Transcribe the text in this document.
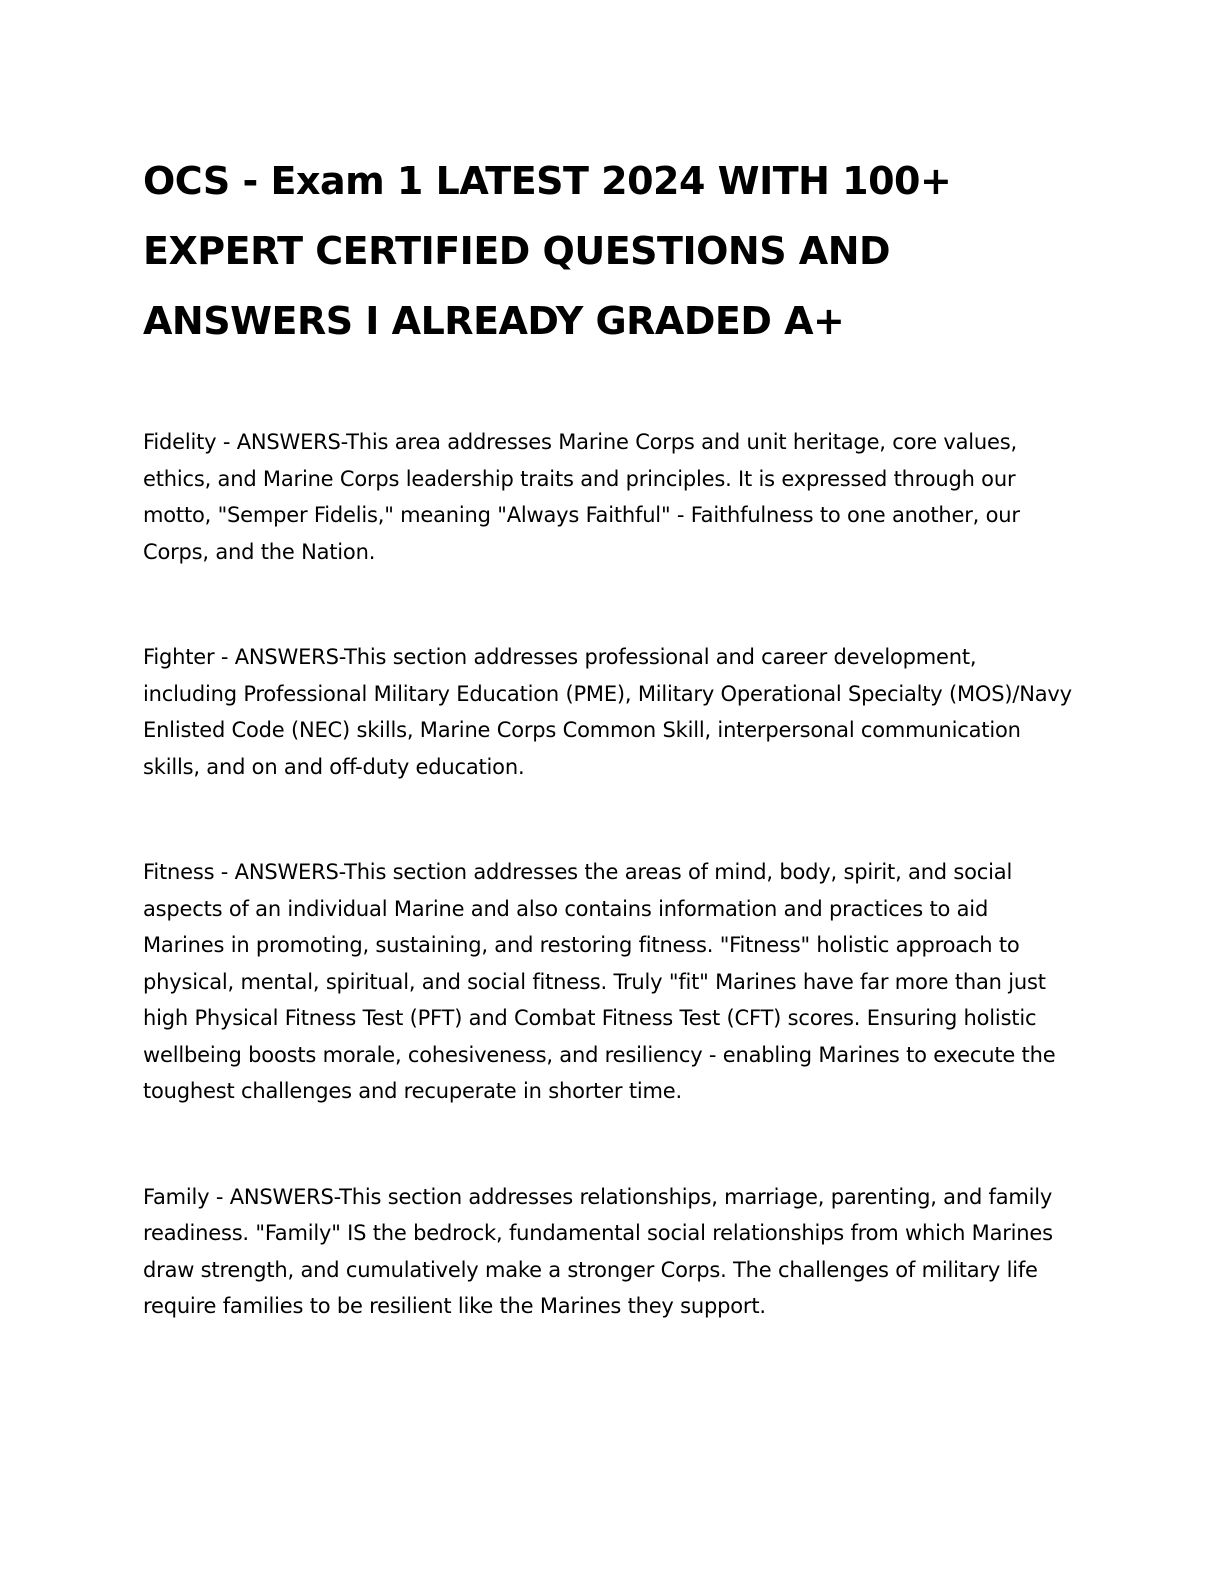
OCS - Exam 1 LATEST 2024 WITH 100+ EXPERT CERTIFIED QUESTIONS AND ANSWERS I ALREADY GRADED A+

Fidelity - ANSWERS-This area addresses Marine Corps and unit heritage, core values, ethics, and Marine Corps leadership traits and principles. It is expressed through our motto, "Semper Fidelis," meaning "Always Faithful" - Faithfulness to one another, our Corps, and the Nation.

Fighter - ANSWERS-This section addresses professional and career development, including Professional Military Education (PME), Military Operational Specialty (MOS)/Navy Enlisted Code (NEC) skills, Marine Corps Common Skill, interpersonal communication skills, and on and off-duty education.

Fitness - ANSWERS-This section addresses the areas of mind, body, spirit, and social aspects of an individual Marine and also contains information and practices to aid Marines in promoting, sustaining, and restoring fitness. "Fitness" holistic approach to physical, mental, spiritual, and social fitness. Truly "fit" Marines have far more than just high Physical Fitness Test (PFT) and Combat Fitness Test (CFT) scores. Ensuring holistic wellbeing boosts morale, cohesiveness, and resiliency - enabling Marines to execute the toughest challenges and recuperate in shorter time.

Family - ANSWERS-This section addresses relationships, marriage, parenting, and family readiness. "Family" IS the bedrock, fundamental social relationships from which Marines draw strength, and cumulatively make a stronger Corps. The challenges of military life require families to be resilient like the Marines they support.
